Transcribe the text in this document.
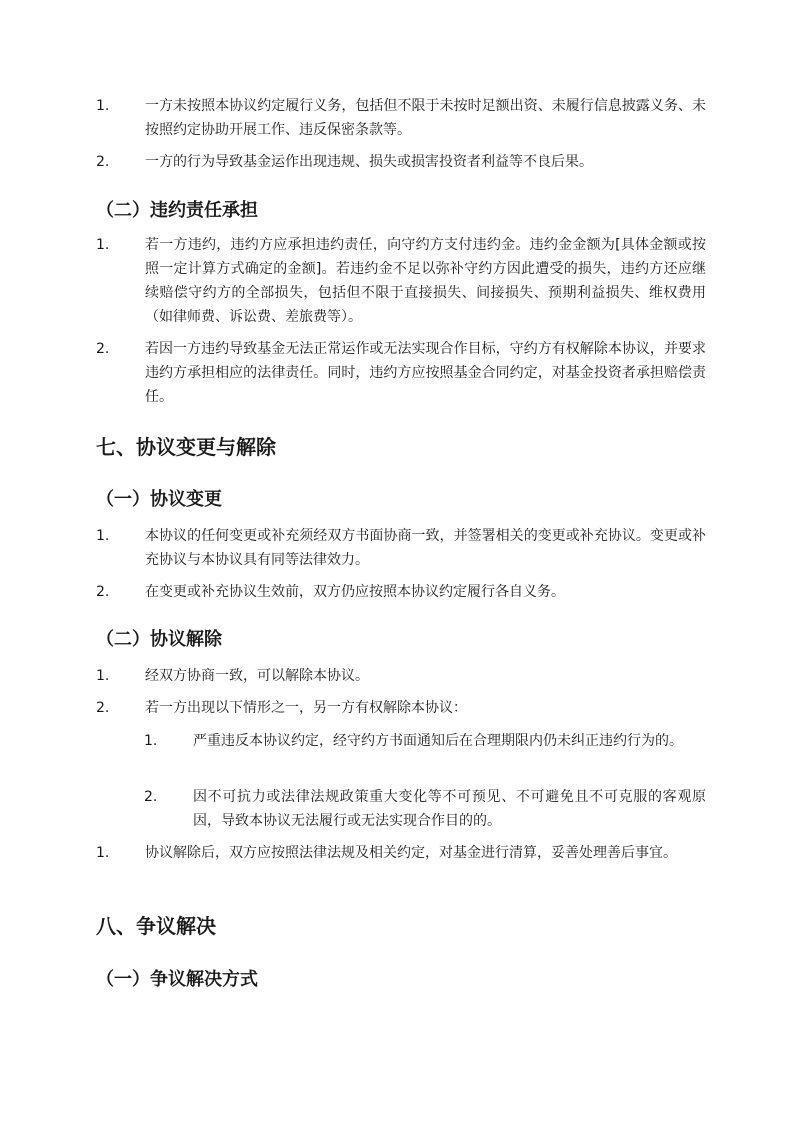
1.	一方未按照本协议约定履行义务，包括但不限于未按时足额出资、未履行信息披露义务、未按照约定协助开展工作、违反保密条款等。
2.	一方的行为导致基金运作出现违规、损失或损害投资者利益等不良后果。
（二）违约责任承担
1.	若一方违约，违约方应承担违约责任，向守约方支付违约金。违约金金额为[具体金额或按照一定计算方式确定的金额]。若违约金不足以弥补守约方因此遭受的损失，违约方还应继续赔偿守约方的全部损失，包括但不限于直接损失、间接损失、预期利益损失、维权费用（如律师费、诉讼费、差旅费等）。
2.	若因一方违约导致基金无法正常运作或无法实现合作目标，守约方有权解除本协议，并要求违约方承担相应的法律责任。同时，违约方应按照基金合同约定，对基金投资者承担赔偿责任。
七、协议变更与解除
（一）协议变更
1.	本协议的任何变更或补充须经双方书面协商一致，并签署相关的变更或补充协议。变更或补充协议与本协议具有同等法律效力。
2.	在变更或补充协议生效前，双方仍应按照本协议约定履行各自义务。
（二）协议解除
1.	经双方协商一致，可以解除本协议。
2.	若一方出现以下情形之一，另一方有权解除本协议：
1.	严重违反本协议约定，经守约方书面通知后在合理期限内仍未纠正违约行为的。
2.	因不可抗力或法律法规政策重大变化等不可预见、不可避免且不可克服的客观原因，导致本协议无法履行或无法实现合作目的的。
1.	协议解除后，双方应按照法律法规及相关约定，对基金进行清算，妥善处理善后事宜。
八、争议解决
（一）争议解决方式
